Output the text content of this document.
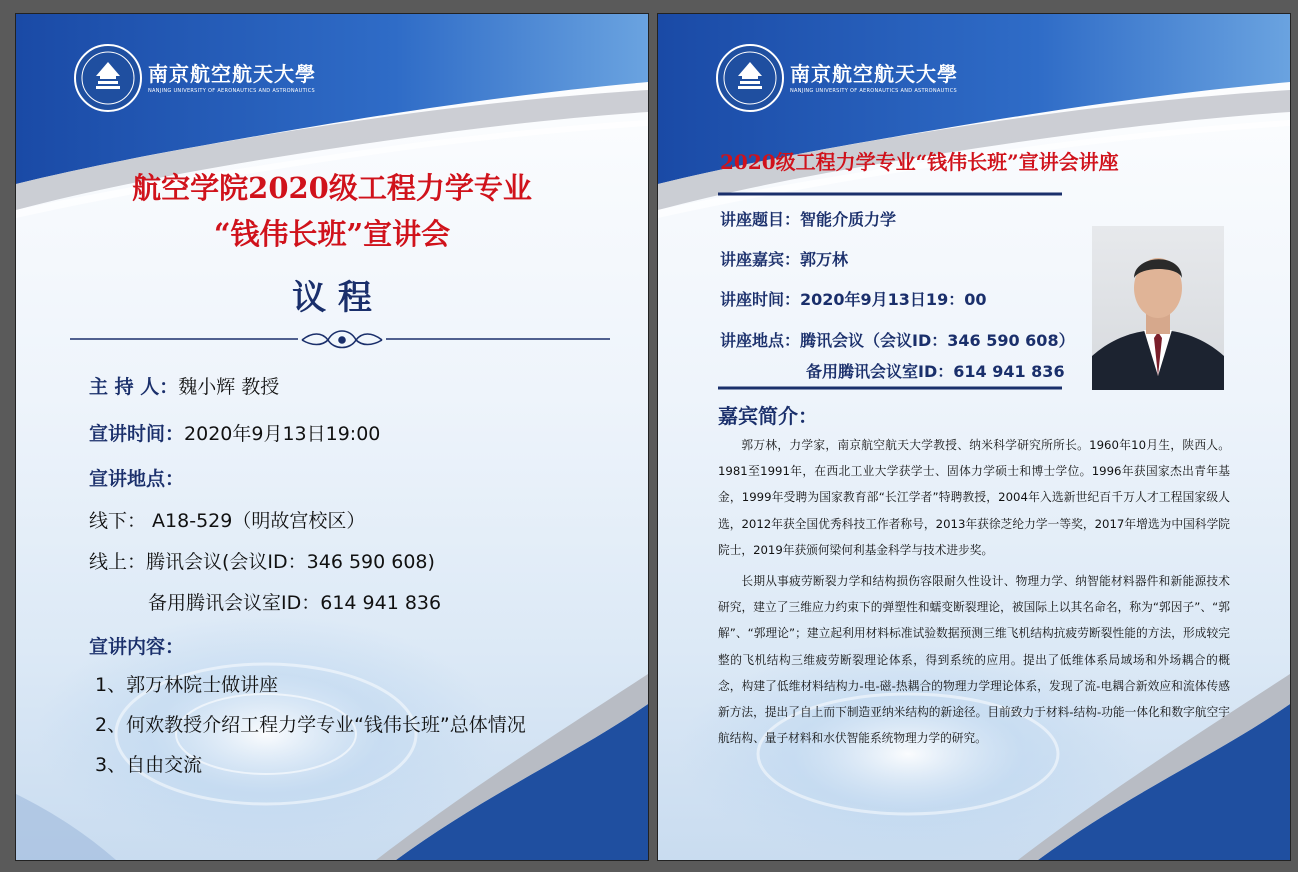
南京航空航天大學
NANJING UNIVERSITY OF AERONAUTICS AND ASTRONAUTICS
航空学院2020级工程力学专业
“钱伟长班”宣讲会
议 程
主 持 人：魏小辉 教授
宣讲时间：2020年9月13日19:00
宣讲地点：
线下： A18-529（明故宫校区）
线上：腾讯会议(会议ID：346 590 608)
备用腾讯会议室ID：614 941 836
宣讲内容：
1、郭万林院士做讲座
2、何欢教授介绍工程力学专业“钱伟长班”总体情况
3、自由交流
南京航空航天大學
NANJING UNIVERSITY OF AERONAUTICS AND ASTRONAUTICS
2020级工程力学专业“钱伟长班”宣讲会讲座
讲座题目：智能介质力学
讲座嘉宾：郭万林
讲座时间：2020年9月13日19：00
讲座地点：腾讯会议（会议ID：346 590 608）
备用腾讯会议室ID：614 941 836
嘉宾简介：

郭万林，力学家，南京航空航天大学教授、纳米科学研究所所长。1960年10月生，陕西人。1981至1991年，在西北工业大学获学士、固体力学硕士和博士学位。1996年获国家杰出青年基金，1999年受聘为国家教育部“长江学者”特聘教授，2004年入选新世纪百千万人才工程国家级人选，2012年获全国优秀科技工作者称号，2013年获徐芝纶力学一等奖，2017年增选为中国科学院院士，2019年获颁何梁何利基金科学与技术进步奖。

长期从事疲劳断裂力学和结构损伤容限耐久性设计、物理力学、纳智能材料器件和新能源技术研究，建立了三维应力约束下的弹塑性和蠕变断裂理论，被国际上以其名命名，称为“郭因子”、“郭解”、“郭理论”；建立起利用材料标准试验数据预测三维飞机结构抗疲劳断裂性能的方法，形成较完整的飞机结构三维疲劳断裂理论体系，得到系统的应用。提出了低维体系局域场和外场耦合的概念，构建了低维材料结构力-电-磁-热耦合的物理力学理论体系，发现了流-电耦合新效应和流体传感新方法，提出了自上而下制造亚纳米结构的新途径。目前致力于材料-结构-功能一体化和数字航空宇航结构、量子材料和水伏智能系统物理力学的研究。
